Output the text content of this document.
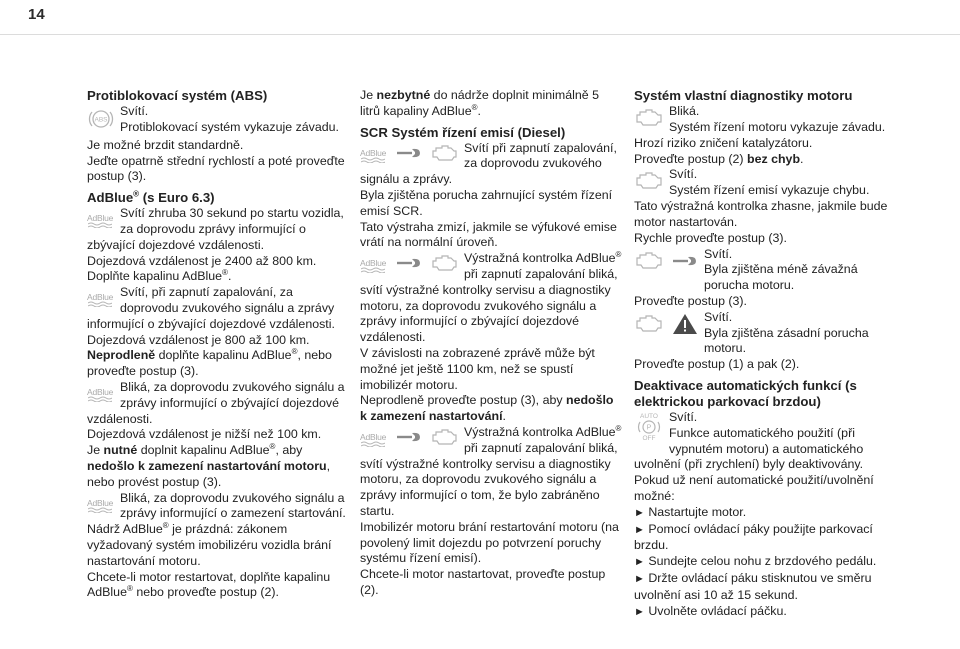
14
Protiblokovací systém (ABS)
ABS

Svítí.

Protiblokovací systém vykazuje závadu.

Je možné brzdit standardně.

Jeďte opatrně střední rychlostí a poté proveďte postup (3).

AdBlue® (s Euro 6.3)

AdBlue Svítí zhruba 30 sekund po startu vozidla, za doprovodu zprávy informující o zbývající dojezdové vzdálenosti.

Dojezdová vzdálenost je 2400 až 800 km.

Doplňte kapalinu AdBlue®.

AdBlue Svítí, při zapnutí zapalování, za doprovodu zvukového signálu a zprávy informující o zbývající dojezdové vzdálenosti.

Dojezdová vzdálenost je 800 až 100 km.

Neprodleně doplňte kapalinu AdBlue®, nebo proveďte postup (3).

AdBlue Bliká, za doprovodu zvukového signálu a zprávy informující o zbývající dojezdové vzdálenosti.

Dojezdová vzdálenost je nižší než 100 km.

Je nutné doplnit kapalinu AdBlue®, aby nedošlo k zamezení nastartování motoru, nebo provést postup (3).

AdBlue Bliká, za doprovodu zvukového signálu a zprávy informující o zamezení startování.

Nádrž AdBlue® je prázdná: zákonem vyžadovaný systém imobilizéru vozidla brání nastartování motoru.

Chcete-li motor restartovat, doplňte kapalinu AdBlue® nebo proveďte postup (2).

Je nezbytné do nádrže doplnit minimálně 5 litrů kapaliny AdBlue®.

SCR Systém řízení emisí (Diesel)

AdBlue	Svítí při zapnutí zapalování, za doprovodu zvukového signálu a zprávy.

Byla zjištěna porucha zahrnující systém řízení emisí SCR.

Tato výstraha zmizí, jakmile se výfukové emise vrátí na normální úroveň.

AdBlue	Výstražná kontrolka AdBlue® při zapnutí zapalování bliká, svítí výstražné kontrolky servisu a diagnostiky motoru, za doprovodu zvukového signálu a zprávy informující o zbývající dojezdové vzdálenosti.

V závislosti na zobrazené zprávě může být možné jet ještě 1100 km, než se spustí imobilizér motoru.

Neprodleně proveďte postup (3), aby nedošlo k zamezení nastartování.

AdBlue	Výstražná kontrolka AdBlue® při zapnutí zapalování bliká, svítí výstražné kontrolky servisu a diagnostiky motoru, za doprovodu zvukového signálu a zprávy informující o tom, že bylo zabráněno startu.

Imobilizér motoru brání restartování motoru (na povolený limit dojezdu po potvrzení poruchy systému řízení emisí).

Chcete-li motor nastartovat, proveďte postup (2).

Systém vlastní diagnostiky motoru

Bliká.

Systém řízení motoru vykazuje závadu.

Hrozí riziko zničení katalyzátoru.

Proveďte postup (2) bez chyb.

Svítí.

Systém řízení emisí vykazuje chybu.

Tato výstražná kontrolka zhasne, jakmile bude motor nastartován.

Rychle proveďte postup (3).

Svítí.

Byla zjištěna méně závažná porucha motoru.

Proveďte postup (3).

Svítí.

Byla zjištěna zásadní porucha motoru.

Proveďte postup (1) a pak (2).

Deaktivace automatických funkcí (s elektrickou parkovací brzdou)
AUTO
P
OFF

Svítí.

Funkce automatického použití (při vypnutém motoru) a automatického uvolnění (při zrychlení) byly deaktivovány.

Pokud už není automatické použití/uvolnění možné:

► Nastartujte motor.

► Pomocí ovládací páky použijte parkovací brzdu.

► Sundejte celou nohu z brzdového pedálu.

► Držte ovládací páku stisknutou ve směru uvolnění asi 10 až 15 sekund.

► Uvolněte ovládací páčku.
